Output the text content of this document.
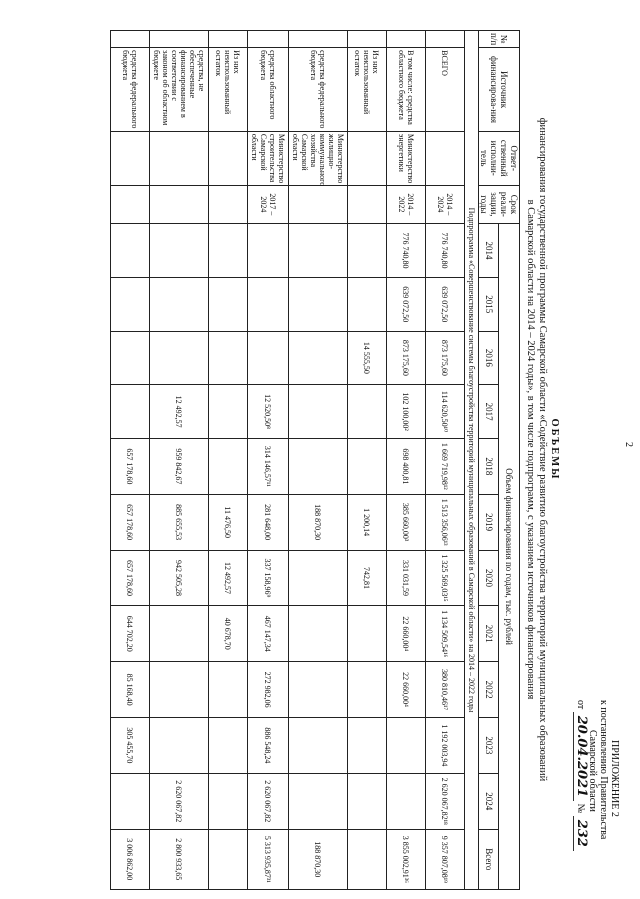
2
ПРИЛОЖЕНИЕ 2
к постановлению Правительства
Самарской области
от 20.04.2021 № 232
ОБЪЕМЫ
финансирования государственной программы Самарской области «Содействие развитию благоустройства территорий муниципальных образований
в Самарской области на 2014 – 2024 годы», в том числе подпрограмм, с указанием источников финансирования
№ п/п	Источник финансирова-ния	Ответ-ственный исполни-тель	Срок реали-зации, годы	Объем финансирования по годам, тыс. рублей											
				2014	2015	2016	2017	2018	2019	2020	2021	2022	2023	2024	Всего
Подпрограмма «Совершенствование системы благоустройства территорий муниципальных образований в Самарской области» на 2014 – 2022 годы															
	ВСЕГО		2014 – 2024	776 740,80	639 072,50	873 175,60	114 620,50¹⁰	1 669 719,98¹²	1 513 356,06¹³	1 325 569,03¹⁵	1 134 509,54¹⁶	380 810,46¹⁷	1 192 003,94	2 620 067,82¹⁸	9 357 807,08¹⁹
	В том числе: средства областного бюджета	Министерство энергетики	2014 – 2022	776 740,80	639 072,50	873 175,60	102 100,00²	698 400,81	385 660,00³	331 031,59	22 660,00⁴	22 660,00⁴			3 855 002,91³⁶
	Из них неиспользованный остаток					14 555,50			1 200,14	742,81					
	средства федерального бюджета	Министерство жилищно-коммунального хозяйства Самарской области							188 870,30						188 870,30
	средства областного бюджета	Министерство строительства Самарской области	2017 – 2024				12 520,50⁸	314 146,57¹¹	281 648,00	337 158,96⁹	467 147,34	272 982,06	886 548,24	2 620 067,82	5 313 935,87³¹
	Из них неиспользованный остаток								11 476,50	12 492,57	40 678,70				
	средства, не обеспеченные финансированием в соответствии с законом об областном бюджете						12 492,57	959 842,67	885 655,53	942 505,28				2 620 067,82	2 800 933,65
	средства федерального бюджета							657 178,60	657 178,60	657 178,60	644 702,20	85 168,40	305 455,70		3 006 862,00
